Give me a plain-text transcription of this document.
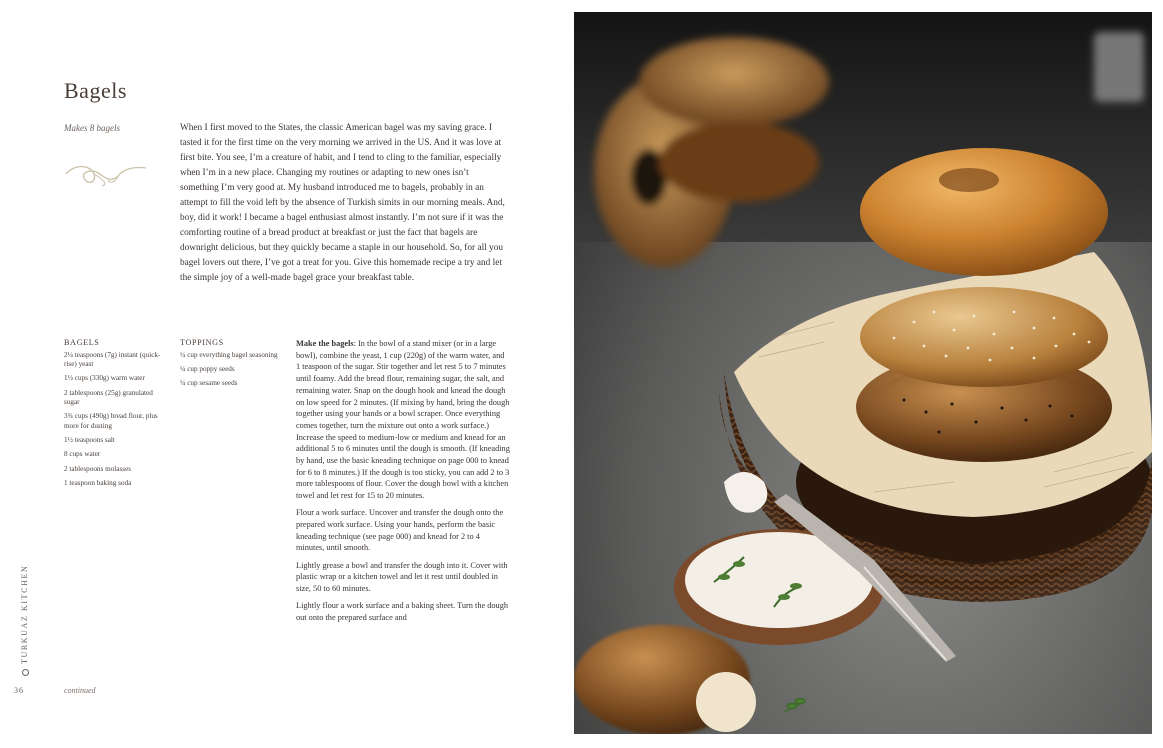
Bagels
Makes 8 bagels	When I first moved to the States, the classic American bagel was my saving grace. I tasted it for the first time on the very morning we arrived in the US. And it was love at first bite. You see, I’m a creature of habit, and I tend to cling to the familiar, especially when I’m in a new place. Changing my routines or adapting to new ones isn’t something I’m very good at. My husband introduced me to bagels, probably in an attempt to fill the void left by the absence of Turkish simits in our morning meals. And, boy, did it work! I became a bagel enthusiast almost instantly. I’m not sure if it was the comforting routine of a bread product at breakfast or just the fact that bagels are downright delicious, but they quickly became a staple in our household. So, for all you bagel lovers out there, I’ve got a treat for you. Give this homemade recipe a try and let the simple joy of a well-made bagel grace your breakfast table.

BAGELS
2¼ teaspoons (7g) instant (quick-rise) yeast
1½ cups (330g) warm water
2 tablespoons (25g) granulated sugar
3¾ cups (490g) bread flour, plus more for dusting
1½ teaspoons salt
8 cups water
2 tablespoons molasses
1 teaspoon baking soda
TOPPINGS
¼ cup everything bagel seasoning
¼ cup poppy seeds
¼ cup sesame seeds

Make the bagels: In the bowl of a stand mixer (or in a large bowl), combine the yeast, 1 cup (220g) of the warm water, and 1 teaspoon of the sugar. Stir together and let rest 5 to 7 minutes until foamy. Add the bread flour, remaining sugar, the salt, and remaining water. Snap on the dough hook and knead the dough on low speed for 2 minutes. (If mixing by hand, bring the dough together using your hands or a bowl scraper. Once everything comes together, turn the mixture out onto a work surface.) Increase the speed to medium-low or medium and knead for an additional 5 to 6 minutes until the dough is smooth. (If kneading by hand, use the basic kneading technique on page 000 to knead for 6 to 8 minutes.) If the dough is too sticky, you can add 2 to 3 more tablespoons of flour. Cover the dough bowl with a kitchen towel and let rest for 15 to 20 minutes.

Flour a work surface. Uncover and transfer the dough onto the prepared work surface. Using your hands, perform the basic kneading technique (see page 000) and knead for 2 to 4 minutes, until smooth.

Lightly grease a bowl and transfer the dough into it. Cover with plastic wrap or a kitchen towel and let it rest until doubled in size, 50 to 60 minutes.

Lightly flour a work surface and a baking sheet. Turn the dough out onto the prepared surface and

TURKUAZ KITCHEN
36	continued
